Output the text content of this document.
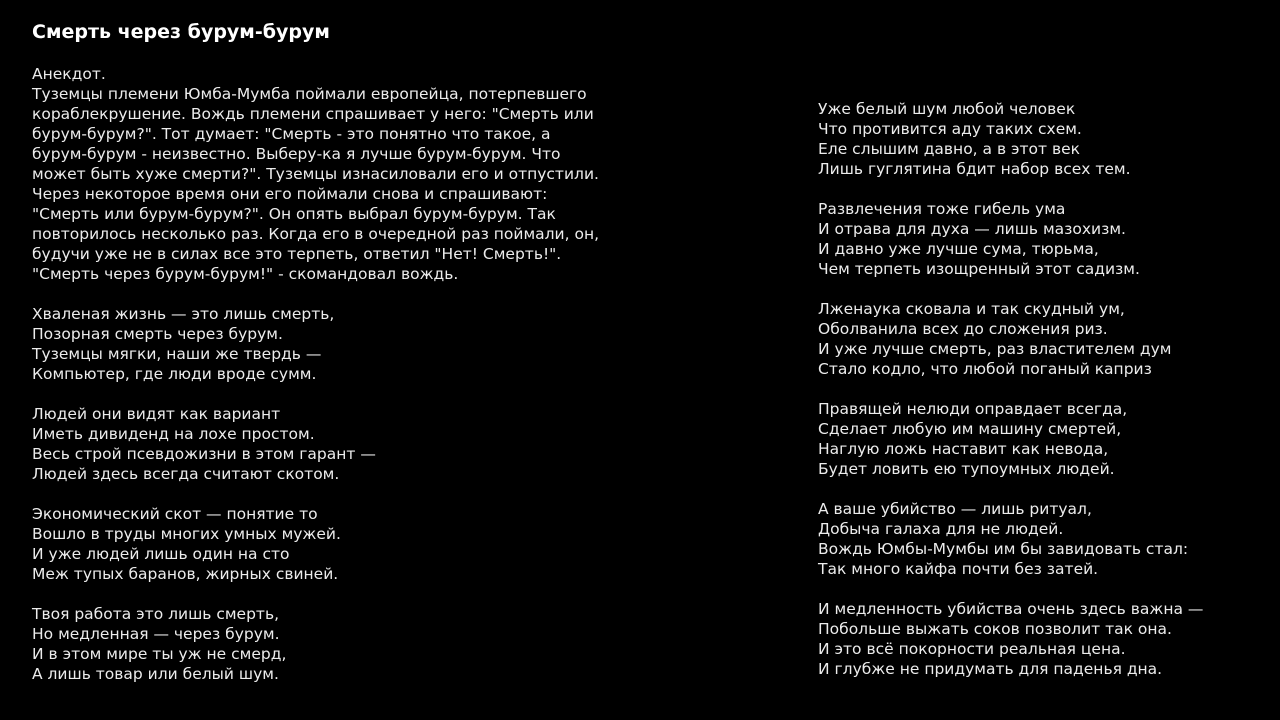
Смерть через бурум-бурум
Анекдот.
Туземцы племени Юмба-Мумба поймали европейца, потерпевшего
кораблекрушение. Вождь племени спрашивает у него: "Смерть или
бурум-бурум?". Тот думает: "Смерть - это понятно что такое, а
бурум-бурум - неизвестно. Выберу-ка я лучше бурум-бурум. Что
может быть хуже смерти?". Туземцы изнасиловали его и отпустили.
Через некоторое время они его поймали снова и спрашивают:
"Смерть или бурум-бурум?". Он опять выбрал бурум-бурум. Так
повторилось несколько раз. Когда его в очередной раз поймали, он,
будучи уже не в силах все это терпеть, ответил "Нет! Смерть!".
"Смерть через бурум-бурум!" - скомандовал вождь.
Хваленая жизнь — это лишь смерть,
Позорная смерть через бурум.
Туземцы мягки, наши же твердь —
Компьютер, где люди вроде сумм.
Людей они видят как вариант
Иметь дивиденд на лохе простом.
Весь строй псевдожизни в этом гарант —
Людей здесь всегда считают скотом.
Экономический скот — понятие то
Вошло в труды многих умных мужей.
И уже людей лишь один на сто
Меж тупых баранов, жирных свиней.
Твоя работа это лишь смерть,
Но медленная — через бурум.
И в этом мире ты уж не смерд,
А лишь товар или белый шум.
Уже белый шум любой человек
Что противится аду таких схем.
Еле слышим давно, а в этот век
Лишь гуглятина бдит набор всех тем.
Развлечения тоже гибель ума
И отрава для духа — лишь мазохизм.
И давно уже лучше сума, тюрьма,
Чем терпеть изощренный этот садизм.
Лженаука сковала и так скудный ум,
Оболванила всех до сложения риз.
И уже лучше смерть, раз властителем дум
Стало кодло, что любой поганый каприз
Правящей нелюди оправдает всегда,
Сделает любую им машину смертей,
Наглую ложь наставит как невода,
Будет ловить ею тупоумных людей.
А ваше убийство — лишь ритуал,
Добыча галаха для не людей.
Вождь Юмбы-Мумбы им бы завидовать стал:
Так много кайфа почти без затей.
И медленность убийства очень здесь важна —
Побольше выжать соков позволит так она.
И это всё покорности реальная цена.
И глубже не придумать для паденья дна.
